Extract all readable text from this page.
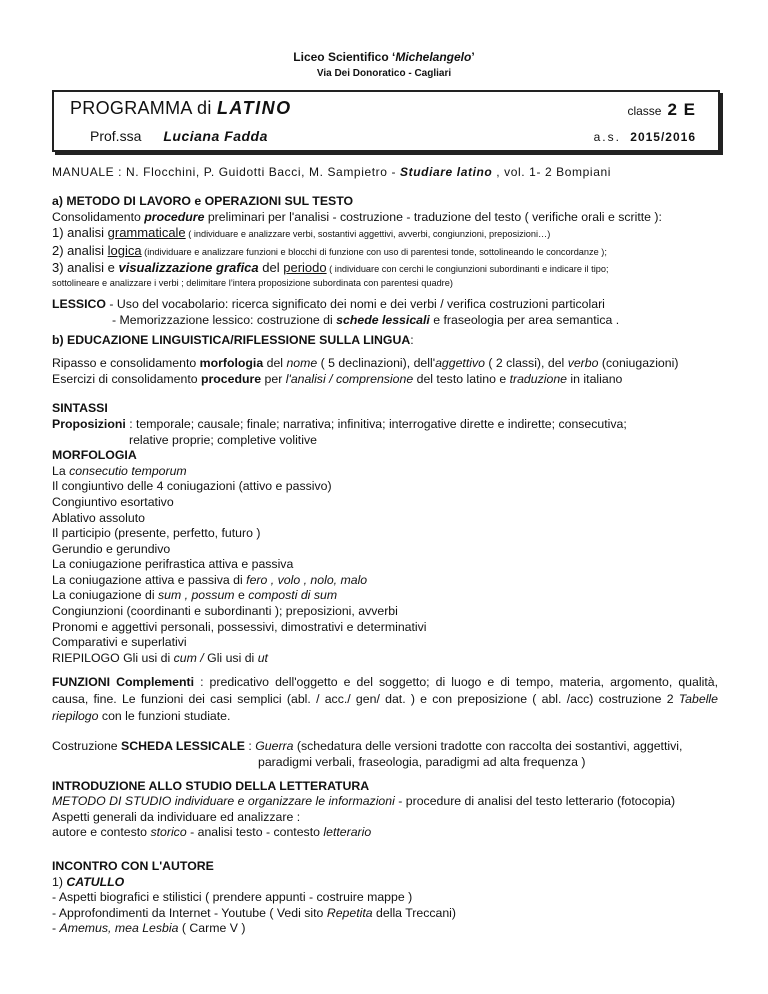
Liceo Scientifico ‘Michelangelo’
Via Dei Donoratico - Cagliari
PROGRAMMA di LATINO	classe 2 E
Prof.ssa Luciana Fadda	a.s. 2015/2016
MANUALE : N. Flocchini, P. Guidotti Bacci, M. Sampietro - Studiare latino , vol. 1- 2 Bompiani

a) METODO DI LAVORO e OPERAZIONI SUL TESTO

Consolidamento procedure preliminari per l'analisi - costruzione - traduzione del testo ( verifiche orali e scritte ):

1) analisi grammaticale ( individuare e analizzare verbi, sostantivi aggettivi, avverbi, congiunzioni, preposizioni…)

2) analisi logica (individuare e analizzare funzioni e blocchi di funzione con uso di parentesi tonde, sottolineando le concordanze );

3) analisi e visualizzazione grafica del periodo ( individuare con cerchi le congiunzioni subordinanti e indicare il tipo;

sottolineare e analizzare i verbi ; delimitare l’intera proposizione subordinata con parentesi quadre)

LESSICO - Uso del vocabolario: ricerca significato dei nomi e dei verbi / verifica costruzioni particolari

- Memorizzazione lessico: costruzione di schede lessicali e fraseologia per area semantica .

b) EDUCAZIONE LINGUISTICA/RIFLESSIONE SULLA LINGUA:

Ripasso e consolidamento morfologia del nome ( 5 declinazioni), dell'aggettivo ( 2 classi), del verbo (coniugazioni)

Esercizi di consolidamento procedure per l'analisi / comprensione del testo latino e traduzione in italiano

SINTASSI

Proposizioni : temporale; causale; finale; narrativa; infinitiva; interrogative dirette e indirette; consecutiva;

relative proprie; completive volitive

MORFOLOGIA

La consecutio temporum

Il congiuntivo delle 4 coniugazioni (attivo e passivo)

Congiuntivo esortativo

Ablativo assoluto

Il participio (presente, perfetto, futuro )

Gerundio e gerundivo

La coniugazione perifrastica attiva e passiva

La coniugazione attiva e passiva di fero , volo , nolo, malo

La coniugazione di sum , possum e composti di sum

Congiunzioni (coordinanti e subordinanti ); preposizioni, avverbi

Pronomi e aggettivi personali, possessivi, dimostrativi e determinativi

Comparativi e superlativi

RIEPILOGO Gli usi di cum / Gli usi di ut

FUNZIONI Complementi : predicativo dell'oggetto e del soggetto; di luogo e di tempo, materia, argomento, qualità, causa, fine. Le funzioni dei casi semplici (abl. / acc./ gen/ dat. ) e con preposizione ( abl. /acc) costruzione 2 Tabelle riepilogo con le funzioni studiate.

Costruzione SCHEDA LESSICALE : Guerra (schedatura delle versioni tradotte con raccolta dei sostantivi, aggettivi,

paradigmi verbali, fraseologia, paradigmi ad alta frequenza )

INTRODUZIONE ALLO STUDIO DELLA LETTERATURA

METODO DI STUDIO individuare e organizzare le informazioni - procedure di analisi del testo letterario (fotocopia)

Aspetti generali da individuare ed analizzare :

autore e contesto storico - analisi testo - contesto letterario

INCONTRO CON L'AUTORE

1) CATULLO

- Aspetti biografici e stilistici ( prendere appunti - costruire mappe )

- Approfondimenti da Internet - Youtube ( Vedi sito Repetita della Treccani)

- Amemus, mea Lesbia ( Carme V )
